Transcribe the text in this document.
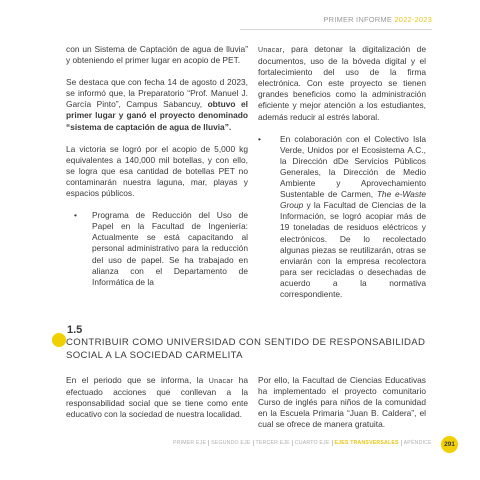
PRIMER INFORME 2022-2023

con un Sistema de Captación de agua de lluvia” y obteniendo el primer lugar en acopio de PET.

Se destaca que con fecha 14 de agosto d 2023, se informó que, la Preparatorio “Prof. Manuel J. García Pinto”, Campus Sabancuy, obtuvo el primer lugar y ganó el proyecto denominado “sistema de captación de agua de lluvia”.

La victoria se logró por el acopio de 5,000 kg equivalentes a 140,000 mil botellas, y con ello, se logra que esa cantidad de botellas PET no contaminarán nuestra laguna, mar, playas y espacios públicos.

• Programa de Reducción del Uso de Papel en la Facultad de Ingeniería: Actualmente se está capacitando al personal administrativo para la reducción del uso de papel. Se ha trabajado en alianza con el Departamento de Informática de la

Unacar, para detonar la digitalización de documentos, uso de la bóveda digital y el fortalecimiento del uso de la firma electrónica. Con este proyecto se tienen grandes beneficios como la administración eficiente y mejor atención a los estudiantes, además reducir al estrés laboral.

• En colaboración con el Colectivo Isla Verde, Unidos por el Ecosistema A.C., la Dirección dDe Servicios Públicos Generales, la Dirección de Medio Ambiente y Aprovechamiento Sustentable de Carmen, The e-Waste Group y la Facultad de Ciencias de la Información, se logró acopiar más de 19 toneladas de residuos eléctricos y electrónicos. De lo recolectado algunas piezas se reutilizarán, otras se enviarán con la empresa recolectora para ser recicladas o desechadas de acuerdo a la normativa correspondiente.
1.5
CONTRIBUIR COMO UNIVERSIDAD CON SENTIDO DE RESPONSABILIDAD SOCIAL A LA SOCIEDAD CARMELITA

En el periodo que se informa, la Unacar ha efectuado acciones que conllevan a la responsabilidad social que se tiene como ente educativo con la sociedad de nuestra localidad.

Por ello, la Facultad de Ciencias Educativas ha implementado el proyecto comunitario Curso de inglés para niños de la comunidad en la Escuela Primaria “Juan B. Caldera”, el cual se ofrece de manera gratuita.

PRIMER EJE SEGUNDO EJE TERCER EJE CUARTO EJE EJES TRANSVERSALES APÉNDICE	291
